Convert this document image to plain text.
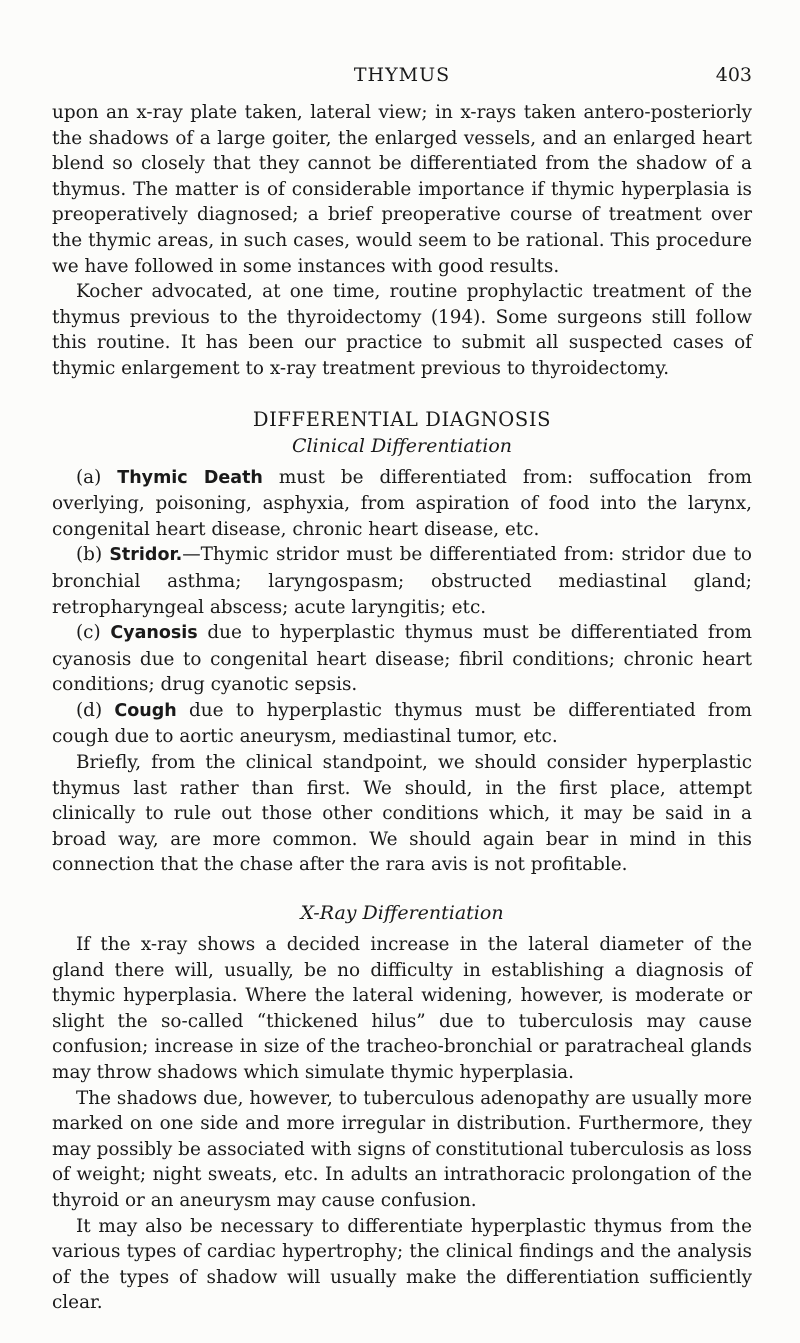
THYMUS	403

upon an x-ray plate taken, lateral view; in x-rays taken antero-posteriorly the shadows of a large goiter, the enlarged vessels, and an enlarged heart blend so closely that they cannot be differentiated from the shadow of a thymus. The matter is of considerable importance if thymic hyperplasia is preoperatively diagnosed; a brief preoperative course of treatment over the thymic areas, in such cases, would seem to be rational. This procedure we have followed in some instances with good results.

Kocher advocated, at one time, routine prophylactic treatment of the thymus previous to the thyroidectomy (194). Some surgeons still follow this routine. It has been our practice to submit all suspected cases of thymic enlargement to x-ray treatment previous to thyroidectomy.

DIFFERENTIAL DIAGNOSIS
Clinical Differentiation

(a) Thymic Death must be differentiated from: suffocation from overlying, poisoning, asphyxia, from aspiration of food into the larynx, congenital heart disease, chronic heart disease, etc.

(b) Stridor.—Thymic stridor must be differentiated from: stridor due to bronchial asthma; laryngospasm; obstructed mediastinal gland; retropharyngeal abscess; acute laryngitis; etc.

(c) Cyanosis due to hyperplastic thymus must be differentiated from cyanosis due to congenital heart disease; fibril conditions; chronic heart conditions; drug cyanotic sepsis.

(d) Cough due to hyperplastic thymus must be differentiated from cough due to aortic aneurysm, mediastinal tumor, etc.

Briefly, from the clinical standpoint, we should consider hyperplastic thymus last rather than first. We should, in the first place, attempt clinically to rule out those other conditions which, it may be said in a broad way, are more common. We should again bear in mind in this connection that the chase after the rara avis is not profitable.

X-Ray Differentiation

If the x-ray shows a decided increase in the lateral diameter of the gland there will, usually, be no difficulty in establishing a diagnosis of thymic hyperplasia. Where the lateral widening, however, is moderate or slight the so-called “thickened hilus” due to tuberculosis may cause confusion; increase in size of the tracheo-bronchial or paratracheal glands may throw shadows which simulate thymic hyperplasia.

The shadows due, however, to tuberculous adenopathy are usually more marked on one side and more irregular in distribution. Furthermore, they may possibly be associated with signs of constitutional tuberculosis as loss of weight; night sweats, etc. In adults an intrathoracic prolongation of the thyroid or an aneurysm may cause confusion.

It may also be necessary to differentiate hyperplastic thymus from the various types of cardiac hypertrophy; the clinical findings and the analysis of the types of shadow will usually make the differentiation sufficiently clear.
